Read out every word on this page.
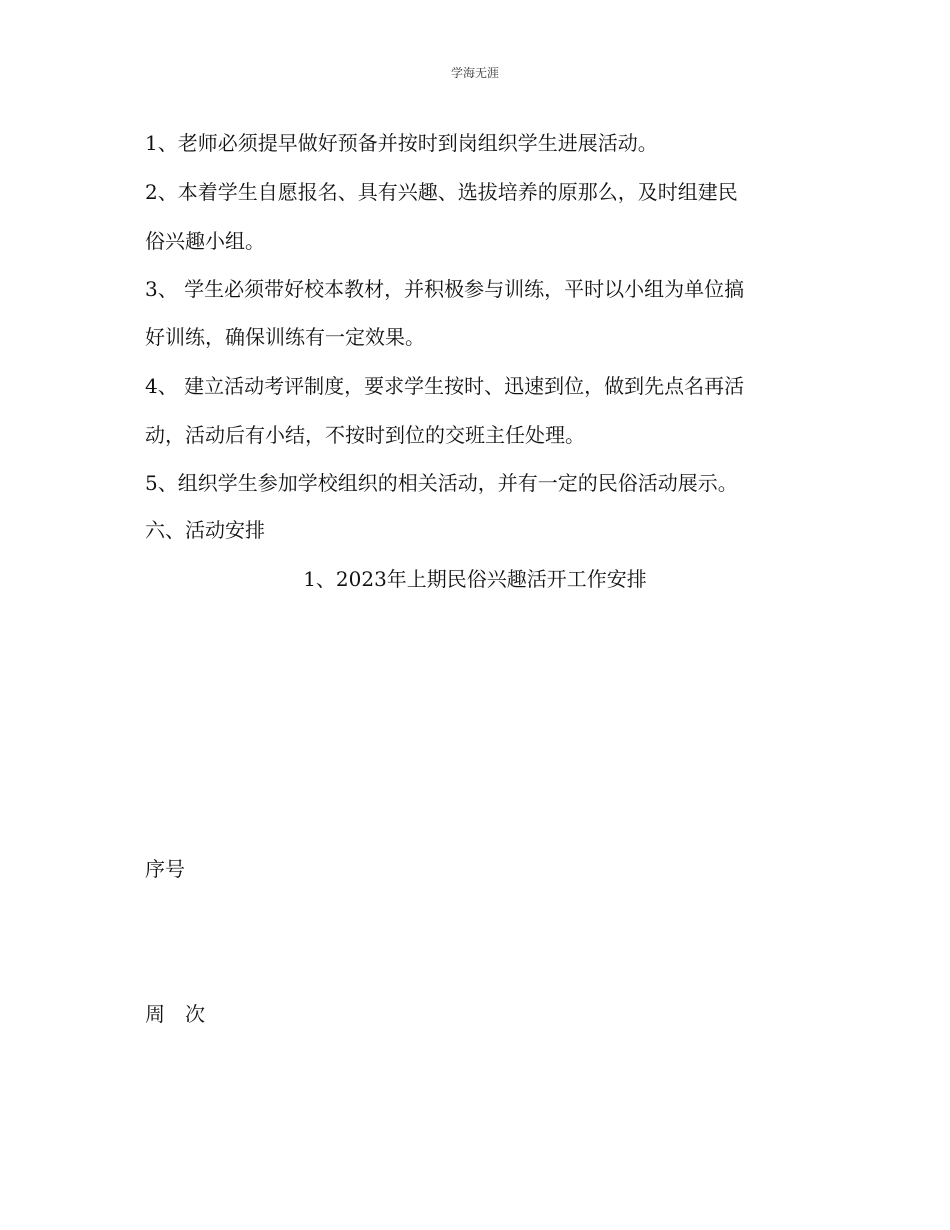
学海无涯
1、老师必须提早做好预备并按时到岗组织学生进展活动。
2、本着学生自愿报名、具有兴趣、选拔培养的原那么，及时组建民
俗兴趣小组。
3、 学生必须带好校本教材，并积极参与训练，平时以小组为单位搞
好训练，确保训练有一定效果。
4、 建立活动考评制度，要求学生按时、迅速到位，做到先点名再活
动，活动后有小结，不按时到位的交班主任处理。
5、组织学生参加学校组织的相关活动，并有一定的民俗活动展示。
六、活动安排
1、2023年上期民俗兴趣活开工作安排
序号
周　次
